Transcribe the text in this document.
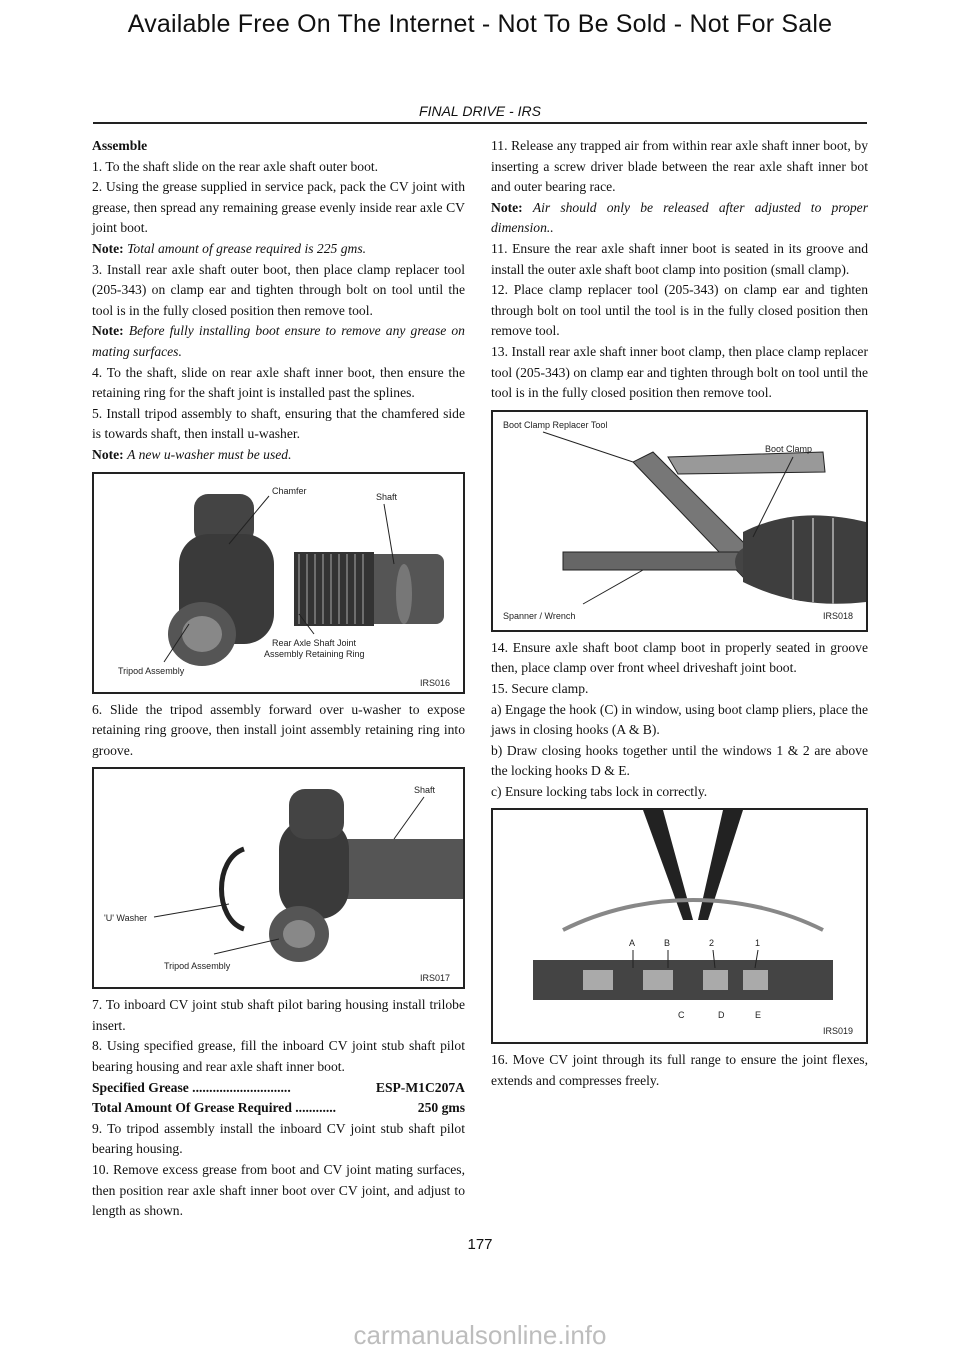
Available Free On The Internet - Not To Be Sold - Not For Sale
FINAL DRIVE - IRS

Assemble

1. To the shaft slide on the rear axle shaft outer boot.

2. Using the grease supplied in service pack, pack the CV joint with grease, then spread any remaining grease evenly inside rear axle CV joint boot.

Note: Total amount of grease required is 225 gms.

3. Install rear axle shaft outer boot, then place clamp replacer tool (205-343) on clamp ear and tighten through bolt on tool until the tool is in the fully closed position then remove tool.

Note: Before fully installing boot ensure to remove any grease on mating surfaces.

4. To the shaft, slide on rear axle shaft inner boot, then ensure the retaining ring for the shaft joint is installed past the splines.

5. Install tripod assembly to shaft, ensuring that the chamfered side is towards shaft, then install u-washer.

Note: A new u-washer must be used.

Chamfer
Shaft
Rear Axle Shaft Joint
Assembly Retaining Ring
Tripod Assembly
IRS016

6. Slide the tripod assembly forward over u-washer to expose retaining ring groove, then install joint assembly retaining ring into groove.

Shaft
'U' Washer
Tripod Assembly
IRS017

7. To inboard CV joint stub shaft pilot baring housing install trilobe insert.

8. Using specified grease, fill the inboard CV joint stub shaft pilot bearing housing and rear axle shaft inner boot.

Specified Grease .............................	ESP-M1C207A

Total Amount Of Grease Required ............	250 gms

9. To tripod assembly install the inboard CV joint stub shaft pilot bearing housing.

10. Remove excess grease from boot and CV joint mating surfaces, then position rear axle shaft inner boot over CV joint, and adjust to length as shown.

11. Release any trapped air from within rear axle shaft inner boot, by inserting a screw driver blade between the rear axle shaft inner bot and outer bearing race.

Note: Air should only be released after adjusted to proper dimension..

11. Ensure the rear axle shaft inner boot is seated in its groove and install the outer axle shaft boot clamp into position (small clamp).

12. Place clamp replacer tool (205-343) on clamp ear and tighten through bolt on tool until the tool is in the fully closed position then remove tool.

13. Install rear axle shaft inner boot clamp, then place clamp replacer tool (205-343) on clamp ear and tighten through bolt on tool until the tool is in the fully closed position then remove tool.

Boot Clamp Replacer Tool
Boot Clamp
Spanner / Wrench	IRS018

14. Ensure axle shaft boot clamp boot in properly seated in groove then, place clamp over front wheel driveshaft joint boot.

15. Secure clamp.

a) Engage the hook (C) in window, using boot clamp pliers, place the jaws in closing hooks (A & B).

b) Draw closing hooks together until the windows 1 & 2 are above the locking hooks D & E.

c) Ensure locking tabs lock in correctly.

A	B	2	1
C	D	E
IRS019

16. Move CV joint through its full range to ensure the joint flexes, extends and compresses freely.

177
carmanualsonline.info
